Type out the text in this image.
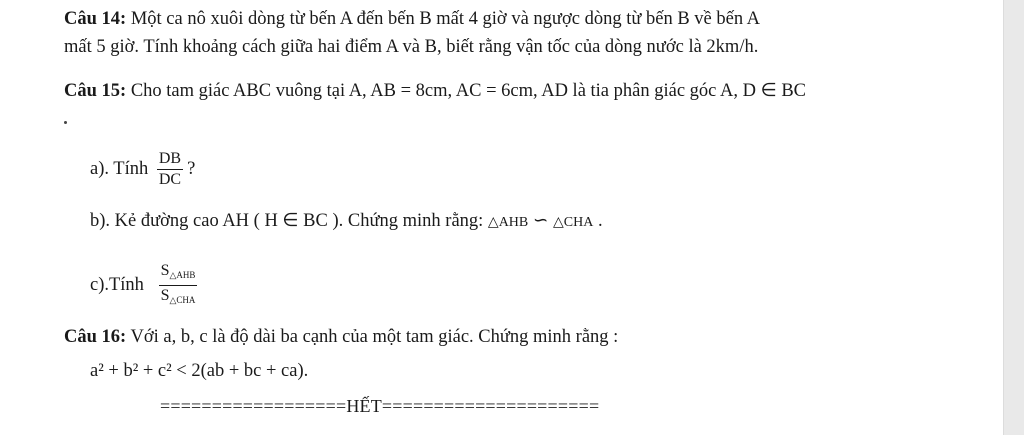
Câu 14: Một ca nô xuôi dòng từ bến A đến bến B mất 4 giờ và ngược dòng từ bến B về bến A
mất 5 giờ. Tính khoảng cách giữa hai điểm A và B, biết rằng vận tốc của dòng nước là 2km/h.
Câu 15: Cho tam giác ABC vuông tại A, AB = 8cm, AC = 6cm, AD là tia phân giác góc A, D ∈ BC
a). Tính $\frac{DB}{DC}$ ?
b). Kẻ đường cao AH ( H ∈ BC ). Chứng minh rằng: △AHB ∽ △CHA .
c).Tính $\frac{S_{\triangle AHB}}{S_{\triangle CHA}}$
Câu 16: Với a, b, c là độ dài ba cạnh của một tam giác. Chứng minh rằng :
a² + b² + c² < 2(ab + bc + ca).
==================HẾT=====================
